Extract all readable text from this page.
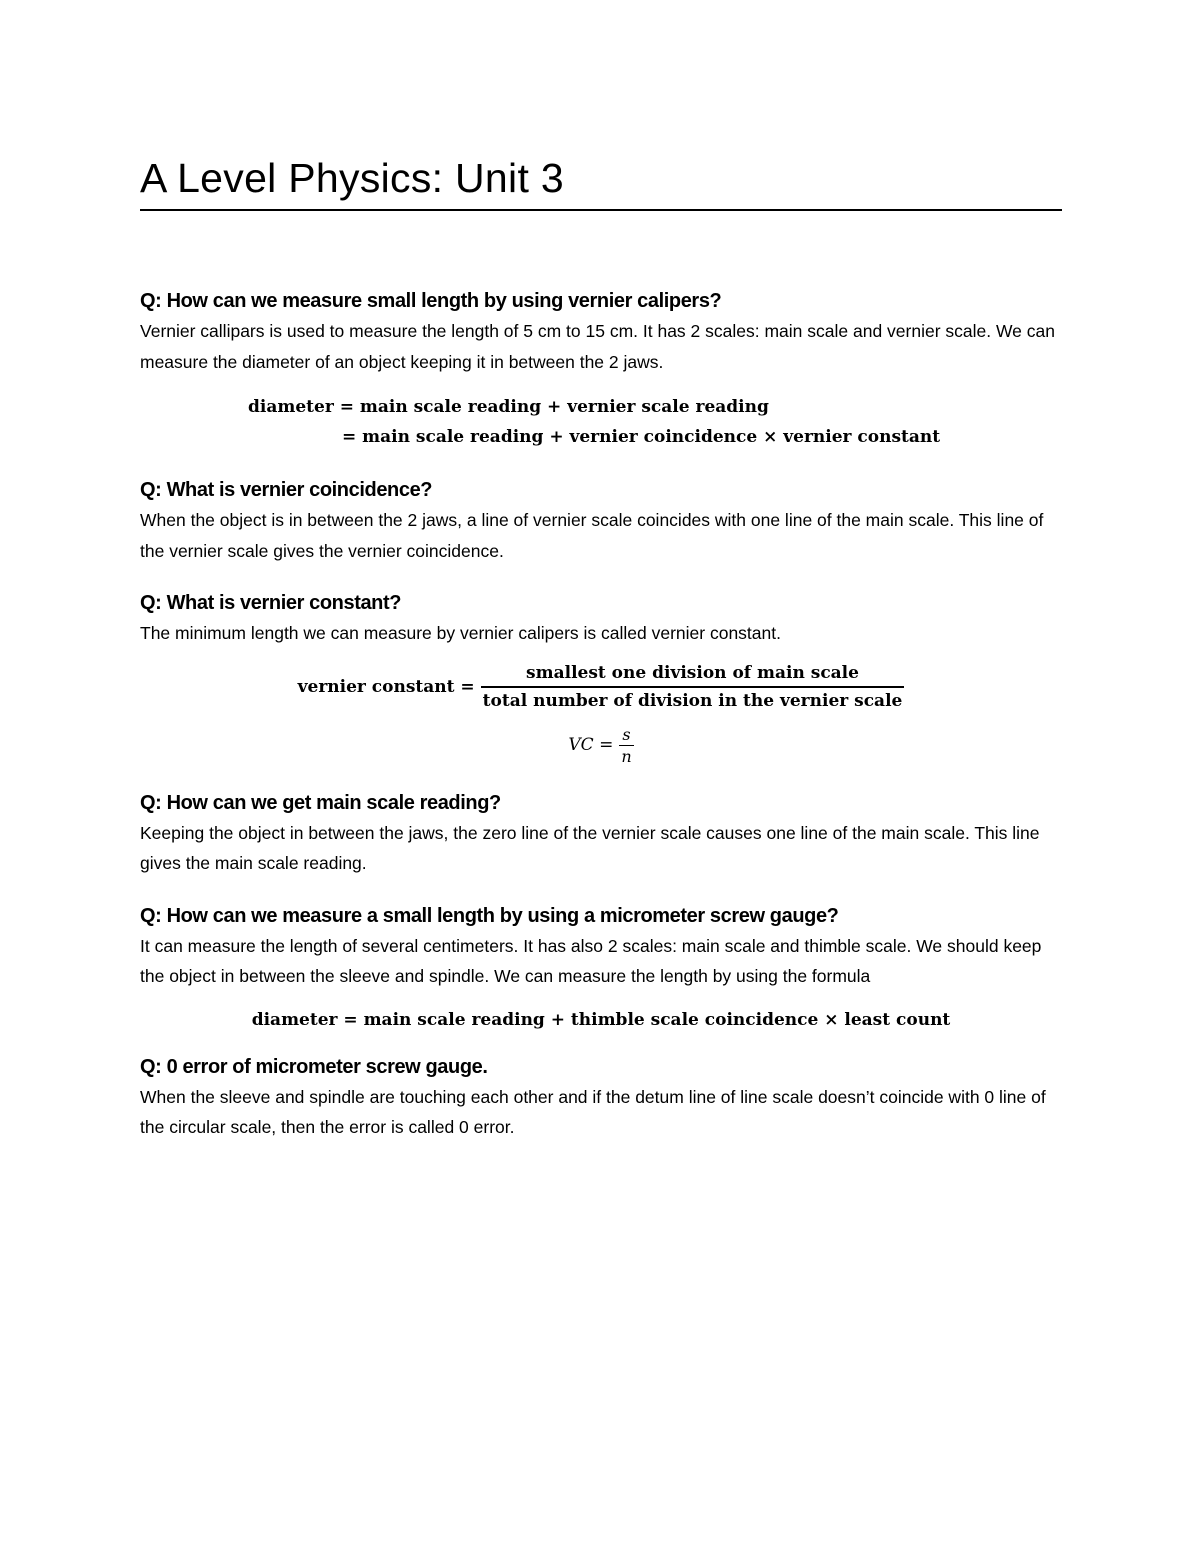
A Level Physics: Unit 3
Q: How can we measure small length by using vernier calipers?

Vernier callipars is used to measure the length of 5 cm to 15 cm. It has 2 scales: main scale and vernier scale. We can measure the diameter of an object keeping it in between the 2 jaws.

diameter = main scale reading + vernier scale reading
= main scale reading + vernier coincidence × vernier constant
Q: What is vernier coincidence?

When the object is in between the 2 jaws, a line of vernier scale coincides with one line of the main scale. This line of the vernier scale gives the vernier coincidence.

Q: What is vernier constant?

The minimum length we can measure by vernier calipers is called vernier constant.

vernier constant = $\frac{\text{smallest one division of main scale}}{\text{total number of division in the vernier scale}}$
VC = $\frac{s}{n}$
Q: How can we get main scale reading?

Keeping the object in between the jaws, the zero line of the vernier scale causes one line of the main scale. This line gives the main scale reading.

Q: How can we measure a small length by using a micrometer screw gauge?

It can measure the length of several centimeters. It has also 2 scales: main scale and thimble scale. We should keep the object in between the sleeve and spindle. We can measure the length by using the formula

diameter = main scale reading + thimble scale coincidence × least count
Q: 0 error of micrometer screw gauge.

When the sleeve and spindle are touching each other and if the detum line of line scale doesn’t coincide with 0 line of the circular scale, then the error is called 0 error.
